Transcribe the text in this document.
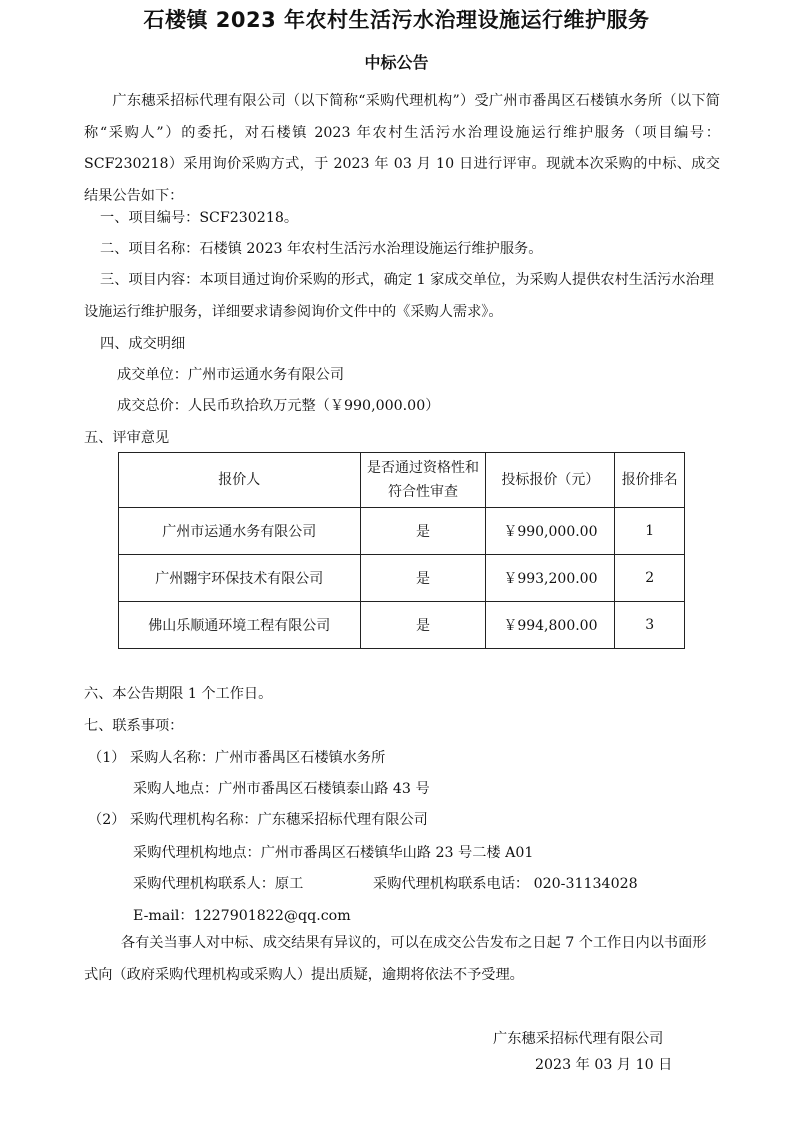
石楼镇 2023 年农村生活污水治理设施运行维护服务
中标公告
广东穗采招标代理有限公司（以下简称“采购代理机构”）受广州市番禺区石楼镇水务所（以下简称“采购人”）的委托，对石楼镇 2023 年农村生活污水治理设施运行维护服务（项目编号：SCF230218）采用询价采购方式，于 2023 年 03 月 10 日进行评审。现就本次采购的中标、成交结果公告如下：
一、项目编号：SCF230218。
二、项目名称：石楼镇 2023 年农村生活污水治理设施运行维护服务。
三、项目内容：本项目通过询价采购的形式，确定 1 家成交单位，为采购人提供农村生活污水治理设施运行维护服务，详细要求请参阅询价文件中的《采购人需求》。
四、成交明细
成交单位：广州市运通水务有限公司
成交总价：人民币玖拾玖万元整（￥990,000.00）
五、评审意见
报价人	是否通过资格性和符合性审查	投标报价（元）	报价排名
广州市运通水务有限公司	是	￥990,000.00	1
广州翾宇环保技术有限公司	是	￥993,200.00	2
佛山乐顺通环境工程有限公司	是	￥994,800.00	3
六、本公告期限 1 个工作日。
七、联系事项：
（1） 采购人名称：广州市番禺区石楼镇水务所
采购人地点：广州市番禺区石楼镇泰山路 43 号
（2） 采购代理机构名称：广东穗采招标代理有限公司
采购代理机构地点：广州市番禺区石楼镇华山路 23 号二楼 A01
采购代理机构联系人：原工	采购代理机构联系电话： 020-31134028
E-mail：1227901822@qq.com
各有关当事人对中标、成交结果有异议的，可以在成交公告发布之日起 7 个工作日内以书面形式向（政府采购代理机构或采购人）提出质疑，逾期将依法不予受理。
广东穗采招标代理有限公司
2023 年 03 月 10 日
